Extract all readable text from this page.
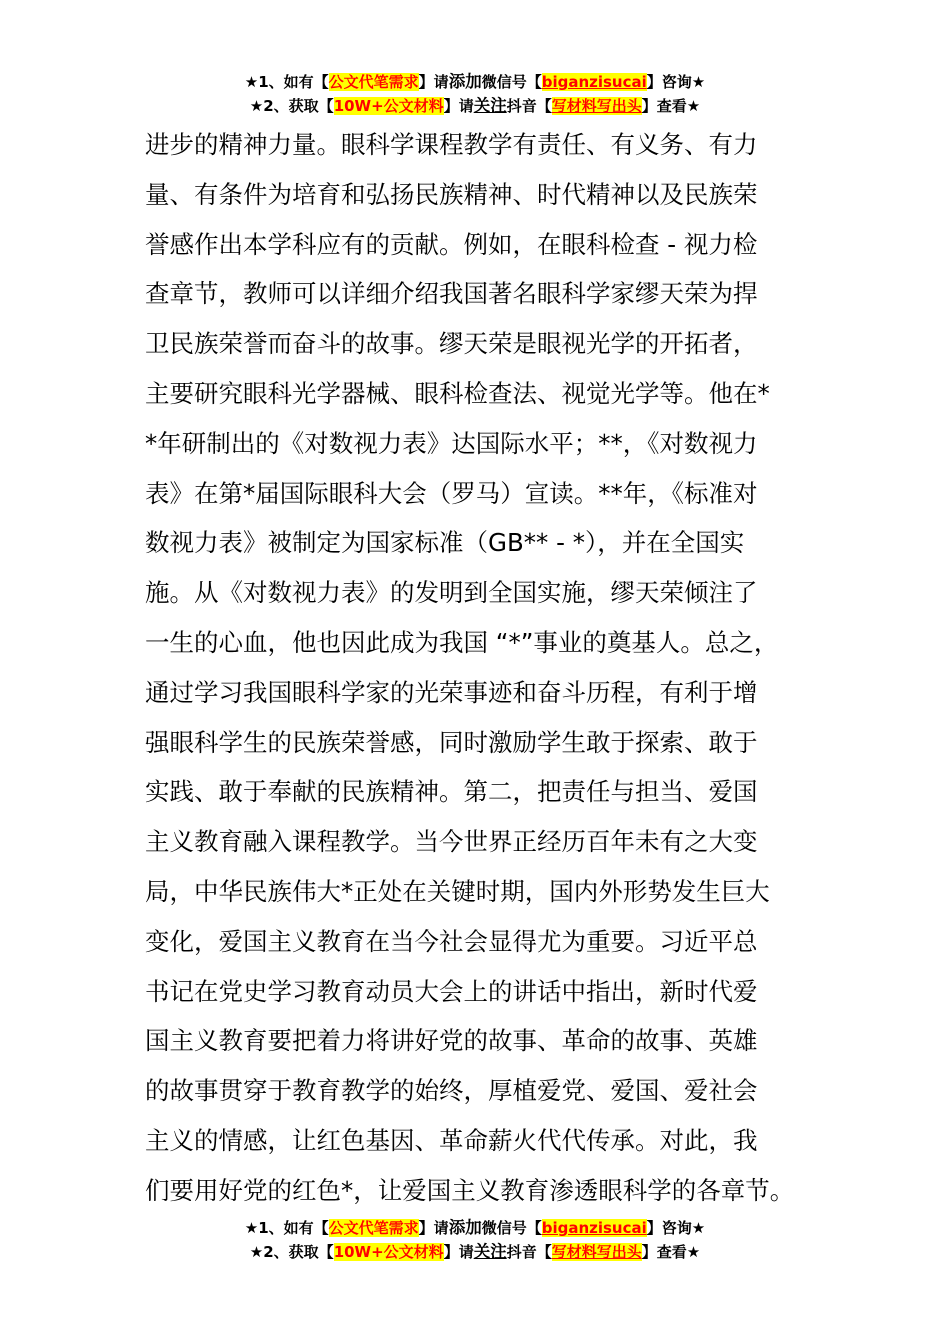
★1、如有【公文代笔需求】请添加微信号【biganzisucai】咨询★
★2、获取【10W+公文材料】请关注抖音【写材料写出头】查看★
进步的精神力量。眼科学课程教学有责任、有义务、有力
量、有条件为培育和弘扬民族精神、时代精神以及民族荣
誉感作出本学科应有的贡献。例如，在眼科检查 - 视力检
查章节，教师可以详细介绍我国著名眼科学家缪天荣为捍
卫民族荣誉而奋斗的故事。缪天荣是眼视光学的开拓者，
主要研究眼科光学器械、眼科检查法、视觉光学等。他在*
*年研制出的《对数视力表》达国际水平；**，《对数视力
表》在第*届国际眼科大会（罗马）宣读。**年，《标准对
数视力表》被制定为国家标准（GB** - *），并在全国实
施。从《对数视力表》的发明到全国实施，缪天荣倾注了
一生的心血，他也因此成为我国 “*”事业的奠基人。总之，
通过学习我国眼科学家的光荣事迹和奋斗历程，有利于增
强眼科学生的民族荣誉感，同时激励学生敢于探索、敢于
实践、敢于奉献的民族精神。第二，把责任与担当、爱国
主义教育融入课程教学。当今世界正经历百年未有之大变
局，中华民族伟大*正处在关键时期，国内外形势发生巨大
变化，爱国主义教育在当今社会显得尤为重要。习近平总
书记在党史学习教育动员大会上的讲话中指出，新时代爱
国主义教育要把着力将讲好党的故事、革命的故事、英雄
的故事贯穿于教育教学的始终，厚植爱党、爱国、爱社会
主义的情感，让红色基因、革命薪火代代传承。对此，我
们要用好党的红色*，让爱国主义教育渗透眼科学的各章节。
★1、如有【公文代笔需求】请添加微信号【biganzisucai】咨询★
★2、获取【10W+公文材料】请关注抖音【写材料写出头】查看★
